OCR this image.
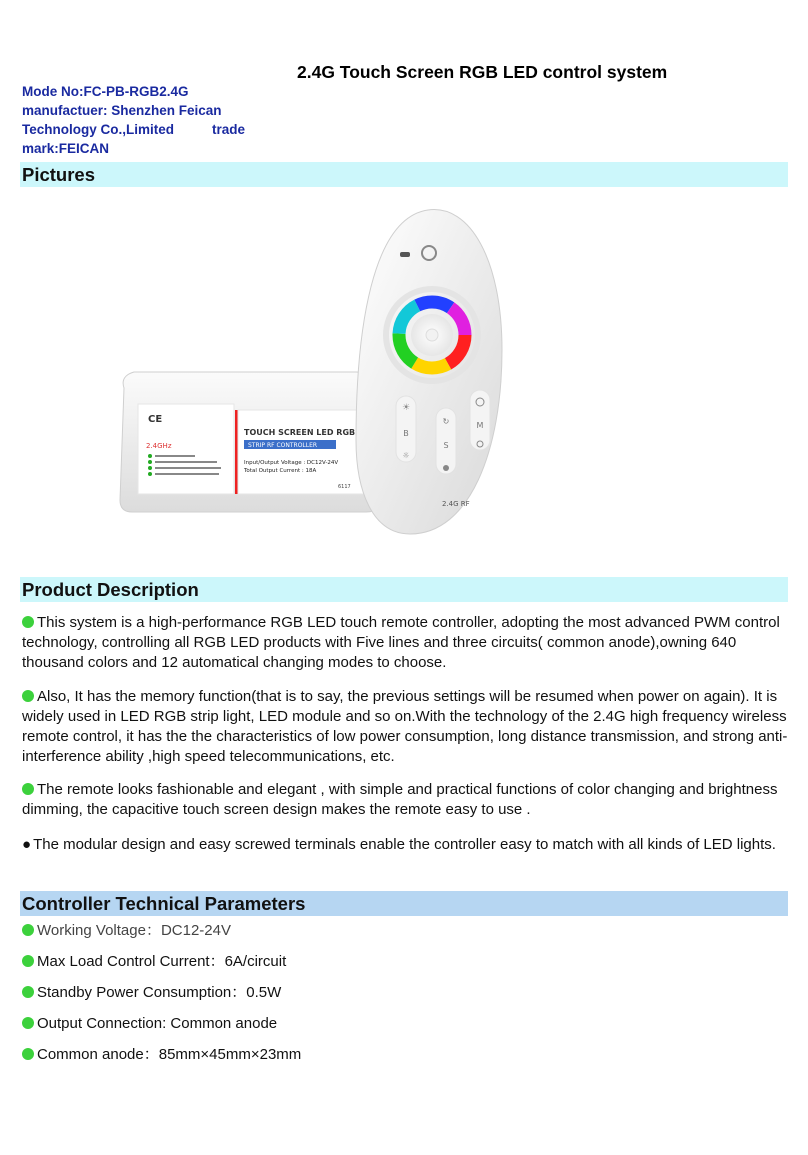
2.4G Touch Screen RGB LED control system
Mode No:FC-PB-RGB2.4G
manufactuer: Shenzhen Feican
Technology Co.,Limited	trade
mark:FEICAN
Pictures
CE
2.4GHz
TOUCH SCREEN LED RGB
STRIP RF CONTROLLER
Input/Output Voltage : DC12V-24V
Total Output Current : 18A
6117
☀
B
☼
↻
S
M
2.4G RF
Product Description
This system is a high-performance RGB LED touch remote controller, adopting the most advanced PWM control technology, controlling all RGB LED products with Five lines and three circuits( common anode),owning 640 thousand colors and 12 automatical changing modes to choose.
Also, It has the memory function(that is to say, the previous settings will be resumed when power on again). It is widely used in LED RGB strip light, LED module and so on.With the technology of the 2.4G high frequency wireless remote control, it has the the characteristics of low power consumption, long distance transmission, and strong anti-interference ability ,high speed telecommunications, etc.
The remote looks fashionable and elegant , with simple and practical functions of color changing and brightness dimming, the capacitive touch screen design makes the remote easy to use .
● The modular design and easy screwed terminals enable the controller easy to match with all kinds of LED lights.
Controller Technical Parameters
Working Voltage：DC12-24V
Max Load Control Current：6A/circuit
Standby Power Consumption：0.5W
Output Connection: Common anode
Common anode：85mm×45mm×23mm
